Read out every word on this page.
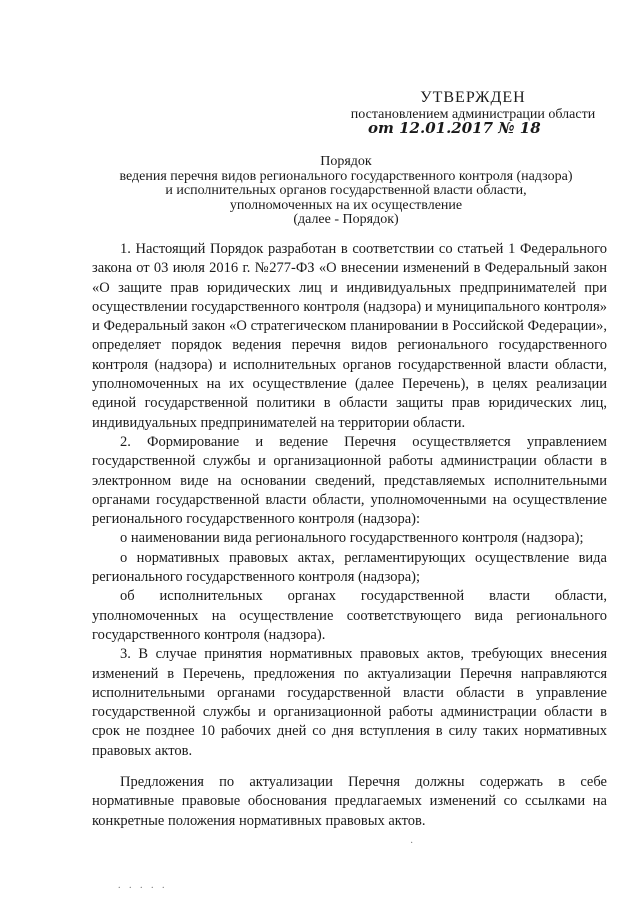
УТВЕРЖДЕН
постановлением администрации области
от 12.01.2017 № 18
Порядок
ведения перечня видов регионального государственного контроля (надзора)
и исполнительных органов государственной власти области,
уполномоченных на их осуществление
(далее - Порядок)

1. Настоящий Порядок разработан в соответствии со статьей 1 Федерального закона от 03 июля 2016 г. №277-ФЗ «О внесении изменений в Федеральный закон «О защите прав юридических лиц и индивидуальных предпринимателей при осуществлении государственного контроля (надзора) и муниципального контроля» и Федеральный закон «О стратегическом планировании в Российской Федерации», определяет порядок ведения перечня видов регионального государственного контроля (надзора) и исполнительных органов государственной власти области, уполномоченных на их осуществление (далее Перечень), в целях реализации единой государственной политики в области защиты прав юридических лиц, индивидуальных предпринимателей на территории области.

2. Формирование и ведение Перечня осуществляется управлением государственной службы и организационной работы администрации области в электронном виде на основании сведений, представляемых исполнительными органами государственной власти области, уполномоченными на осуществление регионального государственного контроля (надзора):

о наименовании вида регионального государственного контроля (надзора);

о нормативных правовых актах, регламентирующих осуществление вида регионального государственного контроля (надзора);

об исполнительных органах государственной власти области, уполномоченных на осуществление соответствующего вида регионального государственного контроля (надзора).

3. В случае принятия нормативных правовых актов, требующих внесения изменений в Перечень, предложения по актуализации Перечня направляются исполнительными органами государственной власти области в управление государственной службы и организационной работы администрации области в срок не позднее 10 рабочих дней со дня вступления в силу таких нормативных правовых актов.

Предложения по актуализации Перечня должны содержать в себе нормативные правовые обоснования предлагаемых изменений со ссылками на конкретные положения нормативных правовых актов.

·
. . . . .
